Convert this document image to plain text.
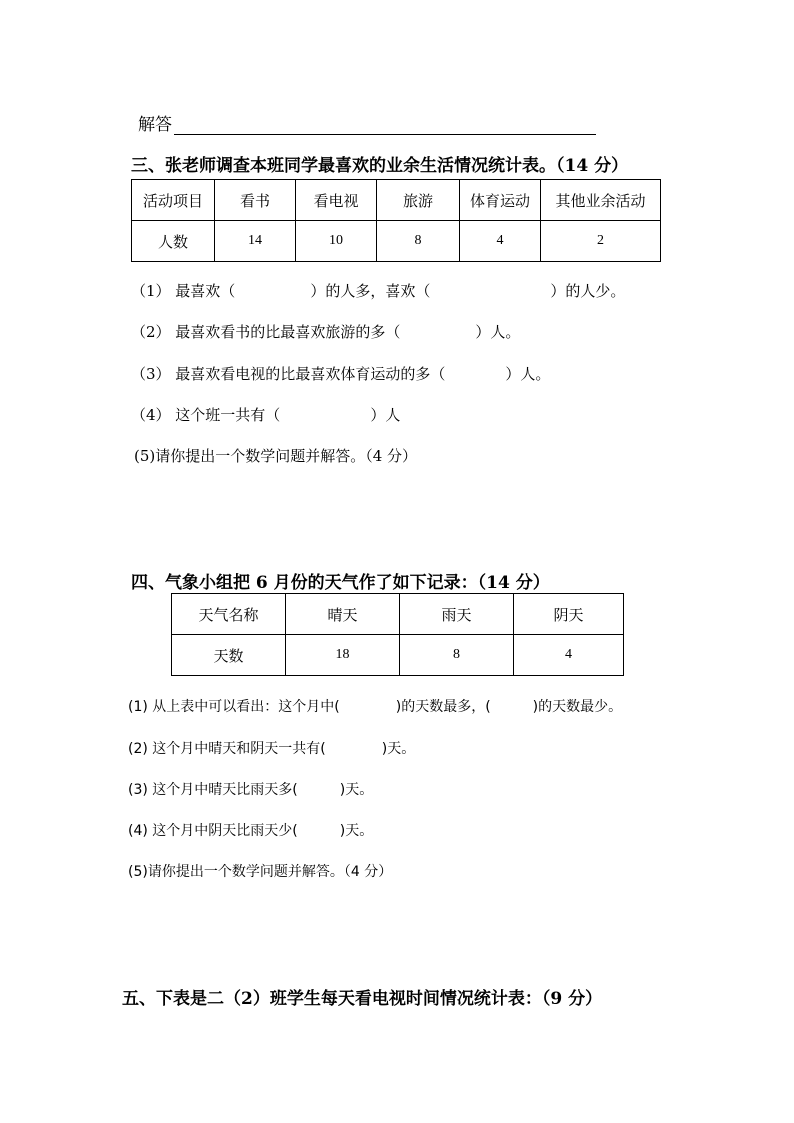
解答
三、张老师调查本班同学最喜欢的业余生活情况统计表。（14 分）
活动项目	看书	看电视	旅游	体育运动	其他业余活动
人数	14	10	8	4	2
（1） 最喜欢（　　　　　）的人多，喜欢（　　　　　　　　）的人少。
（2） 最喜欢看书的比最喜欢旅游的多（　　　　　）人。
（3） 最喜欢看电视的比最喜欢体育运动的多（　　　　）人。
（4） 这个班一共有（　　　　　　）人
(5)请你提出一个数学问题并解答。（4 分）
四、气象小组把 6 月份的天气作了如下记录：（14 分）
天气名称	晴天	雨天	阴天
天数	18	8	4
(1) 从上表中可以看出：这个月中(　　　　)的天数最多，(　　　)的天数最少。
(2) 这个月中晴天和阴天一共有(　　　　)天。
(3) 这个月中晴天比雨天多(　　　)天。
(4) 这个月中阴天比雨天少(　　　)天。
(5)请你提出一个数学问题并解答。（4 分）
五、下表是二（2）班学生每天看电视时间情况统计表：（9 分）
